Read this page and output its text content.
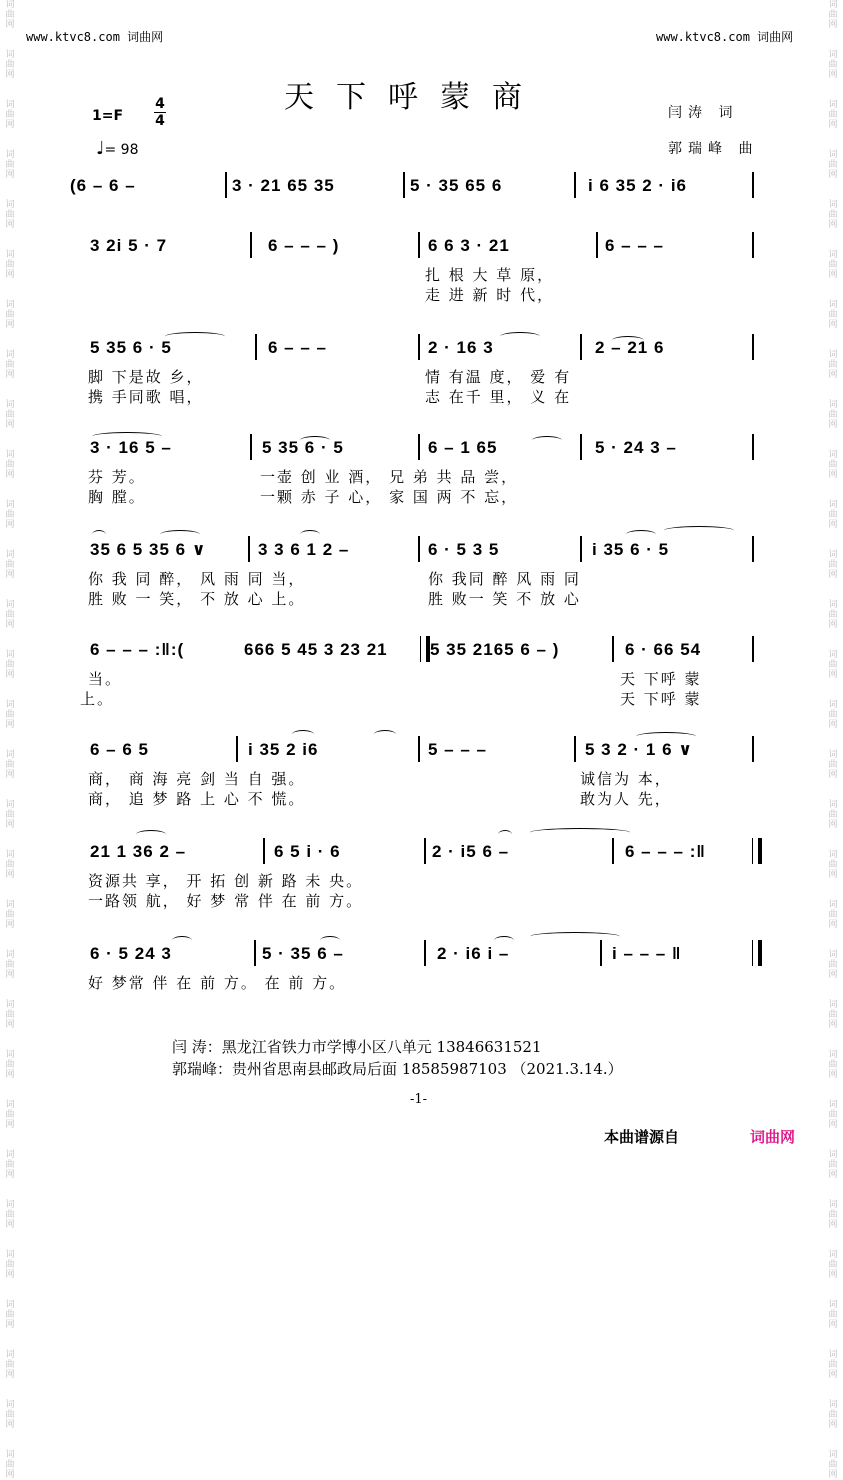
词
曲
网

词
曲
网

词
曲
网

词
曲
网

词
曲
网

词
曲
网

词
曲
网

词
曲
网

词
曲
网

词
曲
网

词
曲
网

词
曲
网

词
曲
网

词
曲
网

词
曲
网

词
曲
网

词
曲
网

词
曲
网

词
曲
网

词
曲
网

词
曲
网

词
曲
网

词
曲
网

词
曲
网

词
曲
网

词
曲
网

词
曲
网

词
曲
网

词
曲
网

词
曲
网

词
曲
网

词
曲
网

词
曲
网

词
曲
网

词
曲
网

词
曲
网

词
曲
网

词
曲
网

词
曲
网

词
曲
网

词
曲
网

词
曲
网

词
曲
网

词
曲
网

词
曲
网

词
曲
网

词
曲
网

词
曲
网

词
曲
网

词
曲
网

词
曲
网

词
曲
网

词
曲
网

词
曲
网

词
曲
网

词
曲
网

词
曲
网

词
曲
网

词
曲
网

词
曲
网

www.ktvc8.com 词曲网	www.ktvc8.com 词曲网
天下呼蒙商
1=F
4
4
♩= 98
闫涛 词
郭瑞峰 曲
(6 – 6 –	3 · 21 65 35	5 · 35 65 6	i 6 35 2 · i6
3 2i 5 · 7	6 – – – )	6 6 3 · 21	6 – – –
扎 根 大 草 原，
走 进 新 时 代，
5 35 6 · 5	6 – – –	2 · 16 3	2 – 21 6
脚 下是故 乡，	情 有温 度， 爱 有
携 手同歌 唱，	志 在千 里， 义 在
3 · 16 5 –	5 35 6 · 5	6 – 1 65	5 · 24 3 –
芬 芳。	一壶 创 业 酒， 兄 弟 共 品 尝，
胸 膛。	一颗 赤 子 心， 家 国 两 不 忘，
35 6 5 35 6 ∨	3 3 6 1 2 –	6 · 5 3 5	i 35 6 · 5
你 我 同 醉， 风 雨 同 当，	你 我同 醉 风 雨 同
胜 败 一 笑， 不 放 心 上。	胜 败一 笑 不 放 心
6 – – – :‖:(	666 5 45 3 23 21 5 35 2165 6 – )	6 · 66 54
当。	天 下呼 蒙
上。	天 下呼 蒙
6 – 6 5	i 35 2 i6	5 – – –	5 3 2 · 1 6 ∨
商， 商 海 亮 剑 当 自 强。	诚信为 本，
商， 追 梦 路 上 心 不 慌。	敢为人 先，
21 1 36 2 –	6 5 i · 6	2 · i5 6 –	6 – – – :‖
资源共 享， 开 拓 创 新 路 未 央。
一路领 航， 好 梦 常 伴 在 前 方。
6 · 5 24 3	5 · 35 6 –	2 · i6 i –	i – – – ‖
好 梦常 伴 在 前 方。 在 前 方。
闫 涛：黑龙江省铁力市学博小区八单元 13846631521
郭瑞峰：贵州省思南县邮政局后面 18585987103 （2021.3.14.）
-1-
本曲谱源自	词曲网
